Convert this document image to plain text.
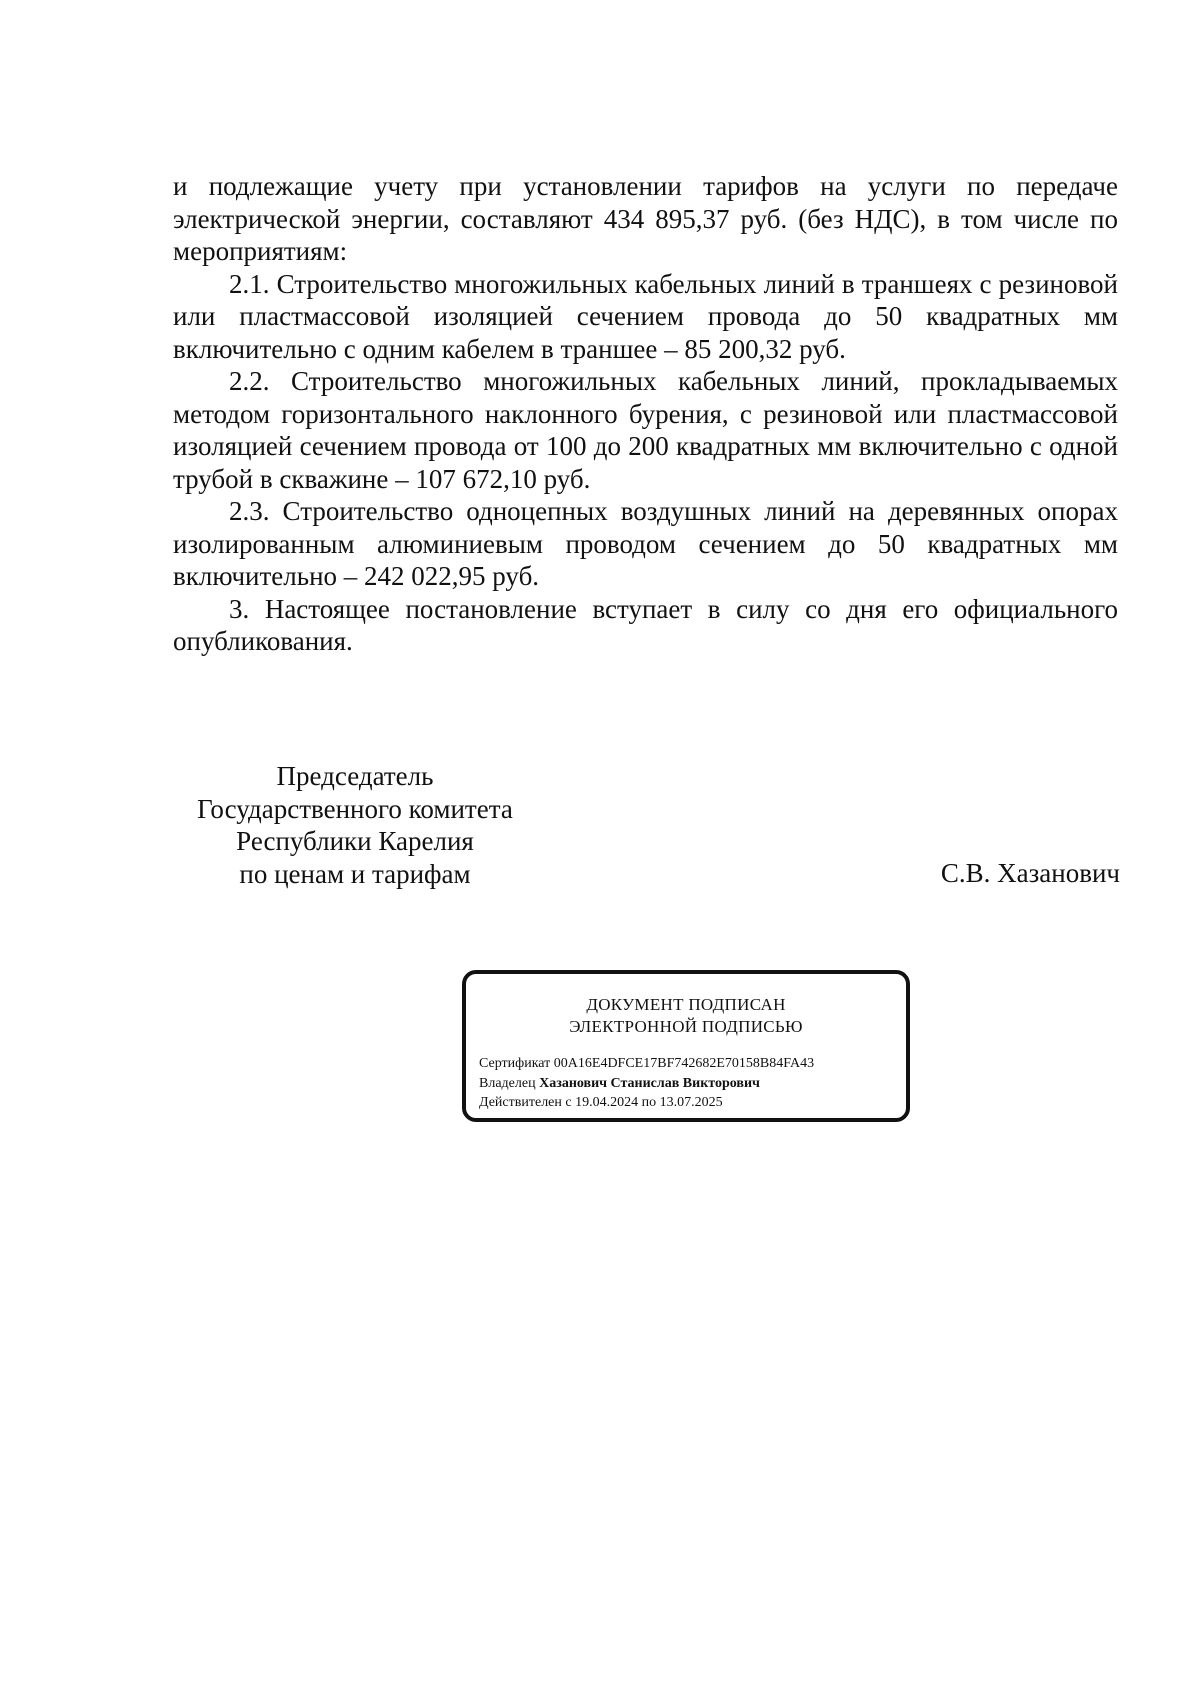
и подлежащие учету при установлении тарифов на услуги по передаче электрической энергии, составляют 434 895,37 руб. (без НДС), в том числе по мероприятиям:

2.1. Строительство многожильных кабельных линий в траншеях с резиновой или пластмассовой изоляцией сечением провода до 50 квадратных мм включительно с одним кабелем в траншее – 85 200,32 руб.

2.2. Строительство многожильных кабельных линий, прокладываемых методом горизонтального наклонного бурения, с резиновой или пластмассовой изоляцией сечением провода от 100 до 200 квадратных мм включительно с одной трубой в скважине – 107 672,10 руб.

2.3. Строительство одноцепных воздушных линий на деревянных опорах изолированным алюминиевым проводом сечением до 50 квадратных мм включительно – 242 022,95 руб.

3. Настоящее постановление вступает в силу со дня его официального опубликования.

Председатель
Государственного комитета
Республики Карелия
по ценам и тарифам	С.В. Хазанович
ДОКУМЕНТ ПОДПИСАН
ЭЛЕКТРОННОЙ ПОДПИСЬЮ
Сертификат 00A16E4DFCE17BF742682E70158B84FA43
Владелец Хазанович Станислав Викторович
Действителен с 19.04.2024 по 13.07.2025
